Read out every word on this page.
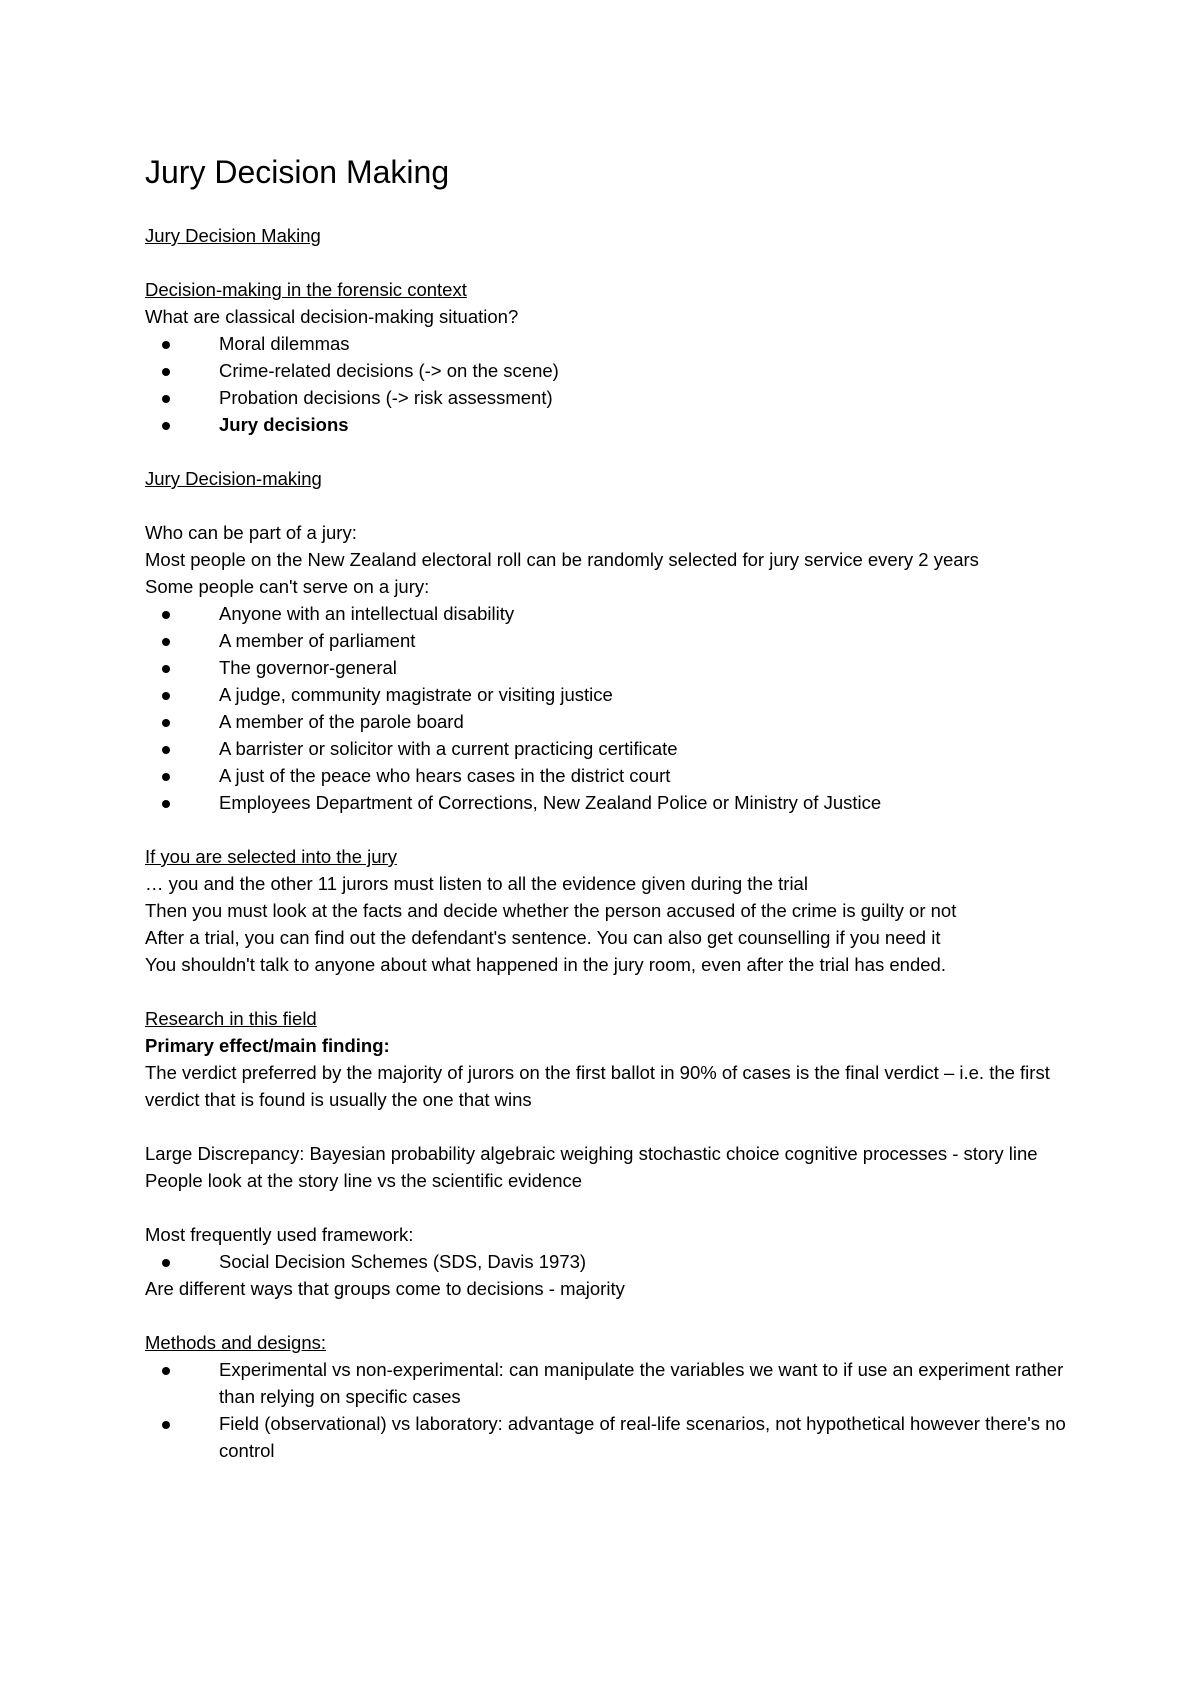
Jury Decision Making
Jury Decision Making
Decision-making in the forensic context
What are classical decision-making situation?
Moral dilemmas
Crime-related decisions (-> on the scene)
Probation decisions (-> risk assessment)
Jury decisions
Jury Decision-making
Who can be part of a jury:
Most people on the New Zealand electoral roll can be randomly selected for jury service every 2 years
Some people can't serve on a jury:
Anyone with an intellectual disability
A member of parliament
The governor-general
A judge, community magistrate or visiting justice
A member of the parole board
A barrister or solicitor with a current practicing certificate
A just of the peace who hears cases in the district court
Employees Department of Corrections, New Zealand Police or Ministry of Justice
If you are selected into the jury
… you and the other 11 jurors must listen to all the evidence given during the trial
Then you must look at the facts and decide whether the person accused of the crime is guilty or not
After a trial, you can find out the defendant's sentence. You can also get counselling if you need it
You shouldn't talk to anyone about what happened in the jury room, even after the trial has ended.
Research in this field
Primary effect/main finding:
The verdict preferred by the majority of jurors on the first ballot in 90% of cases is the final verdict – i.e. the first verdict that is found is usually the one that wins
Large Discrepancy: Bayesian probability algebraic weighing stochastic choice cognitive processes - story line
People look at the story line vs the scientific evidence
Most frequently used framework:
Social Decision Schemes (SDS, Davis 1973)
Are different ways that groups come to decisions - majority
Methods and designs:
Experimental vs non-experimental: can manipulate the variables we want to if use an experiment rather than relying on specific cases
Field (observational) vs laboratory: advantage of real-life scenarios, not hypothetical however there's no control
